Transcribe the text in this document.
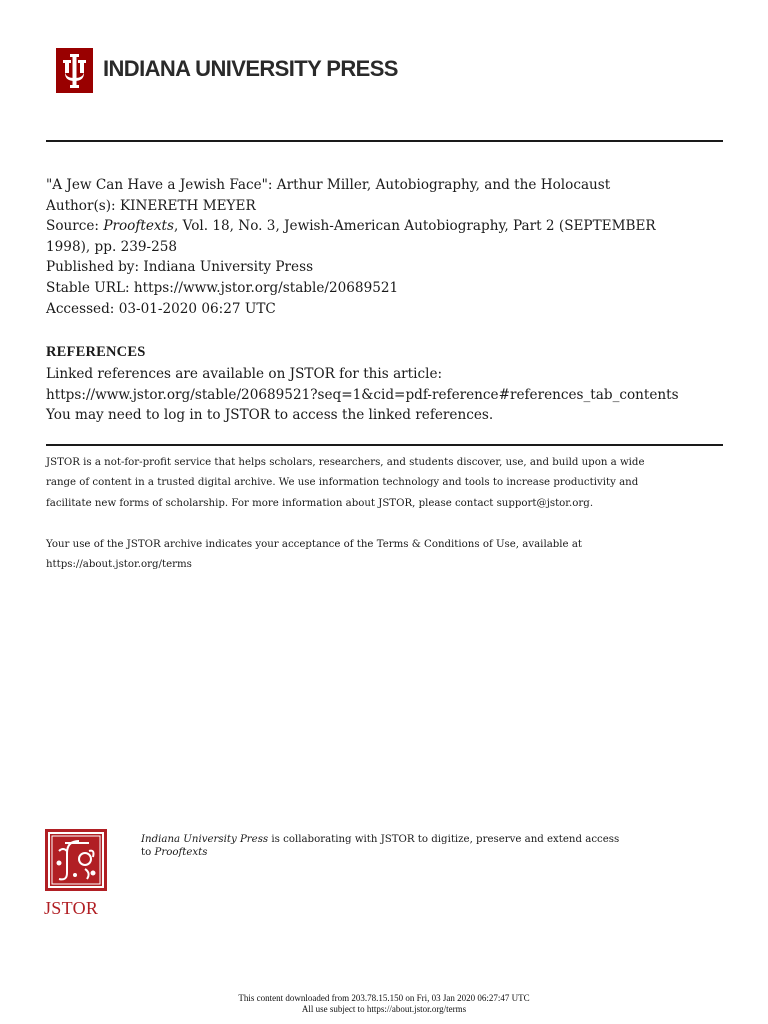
INDIANA UNIVERSITY PRESS

"A Jew Can Have a Jewish Face": Arthur Miller, Autobiography, and the Holocaust

Author(s): KINERETH MEYER

Source: Prooftexts, Vol. 18, No. 3, Jewish-American Autobiography, Part 2 (SEPTEMBER

1998), pp. 239-258

Published by: Indiana University Press

Stable URL: https://www.jstor.org/stable/20689521

Accessed: 03-01-2020 06:27 UTC

REFERENCES

Linked references are available on JSTOR for this article:

https://www.jstor.org/stable/20689521?seq=1&cid=pdf-reference#references_tab_contents

You may need to log in to JSTOR to access the linked references.

JSTOR is a not-for-profit service that helps scholars, researchers, and students discover, use, and build upon a wide

range of content in a trusted digital archive. We use information technology and tools to increase productivity and

facilitate new forms of scholarship. For more information about JSTOR, please contact support@jstor.org.

Your use of the JSTOR archive indicates your acceptance of the Terms & Conditions of Use, available at

https://about.jstor.org/terms

JSTOR
Indiana University Press is collaborating with JSTOR to digitize, preserve and extend access
to Prooftexts
This content downloaded from 203.78.15.150 on Fri, 03 Jan 2020 06:27:47 UTC
All use subject to https://about.jstor.org/terms
